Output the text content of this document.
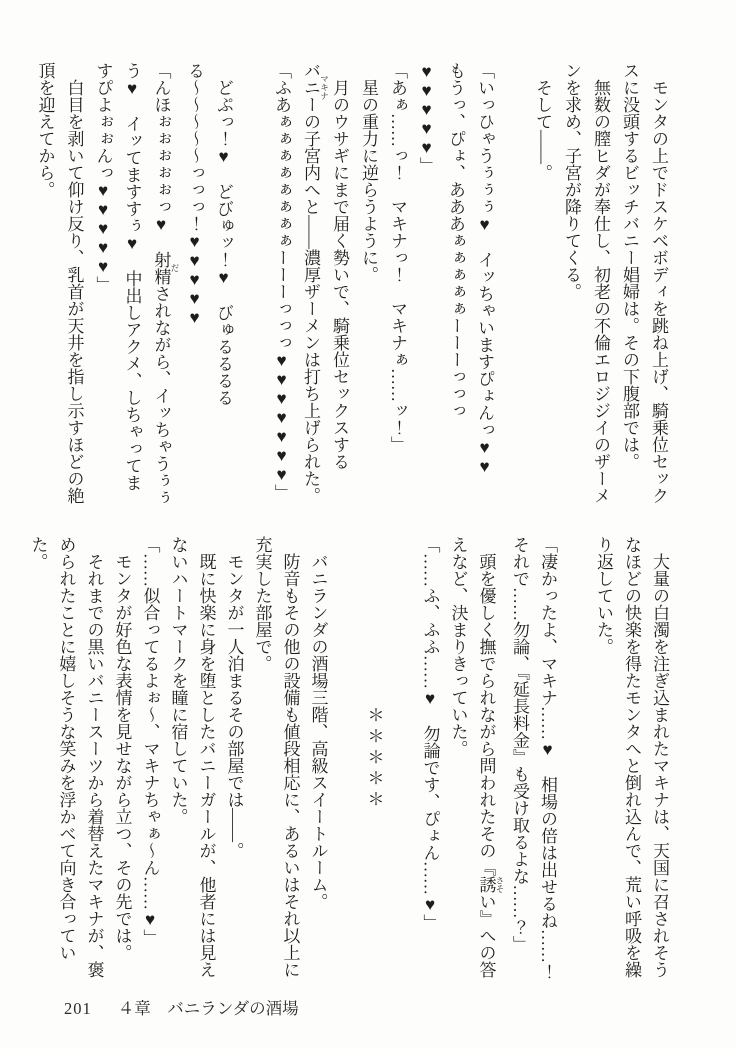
モンタの上でドスケベボディを跳ね上げ、騎乗位セックスに没頭するビッチバニー娼婦は。その下腹部では。

無数の膣ヒダが奉仕し、初老の不倫エロジジイのザーメンを求め、子宮が降りてくる。

そして――。

「いっひゃうぅぅぅ♥　イッちゃいますぴょんっ♥♥　もうっ、ぴょ、あああぁぁぁぁぁーーーっっっ♥♥♥♥♥」

「あぁ……っ！　マキナっ！　マキナぁ……ッ！」

星の重力に逆らうように。

月のウサギにまで届く勢いで、騎乗位セックスするバニー マキナの子宮内へと――濃厚ザーメンは打ち上げられた。

「ふあぁぁぁぁぁぁぁぁーーーっっっ♥♥♥♥♥♥♥」

どぷっ！♥　どびゅッ！♥　びゅるるるるる〜〜〜〜〜っっっ！♥♥♥♥♥

「んほぉぉぉぉぉっ♥　射精 だされながら、イッちゃうぅぅう♥　イッてますすぅ♥　中出しアクメ、しちゃってますぴよぉぉんっ♥♥♥♥♥」

白目を剥いて仰け反り、乳首が天井を指し示すほどの絶頂を迎えてから。

大量の白濁を注ぎ込まれたマキナは、天国に召されそうなほどの快楽を得たモンタへと倒れ込んで、荒い呼吸を繰り返していた。

「凄かったよ、マキナ……♥　相場の倍は出せるね……！それで……勿論、『延長料金』も受け取るよな……？」

頭を優しく撫でられながら問われたその『誘 さそい』への答えなど、決まりきっていた。

「……ふ、ふふ……♥　勿論です、ぴょん……♥」

＊＊＊＊＊

バニランダの酒場三階、高級スイートルーム。

防音もその他の設備も値段相応に、あるいはそれ以上に充実した部屋で。

モンタが一人泊まるその部屋では――。

既に快楽に身を堕としたバニーガールが、他者には見えないハートマークを瞳に宿していた。

「……似合ってるよぉ〜、マキナちゃぁ〜ん……♥」

モンタが好色な表情を見せながら立つ、その先では。

それまでの黒いバニースーツから着替えたマキナが、褒められたことに嬉しそうな笑みを浮かべて向き合っていた。

201 ４章　バニランダの酒場
